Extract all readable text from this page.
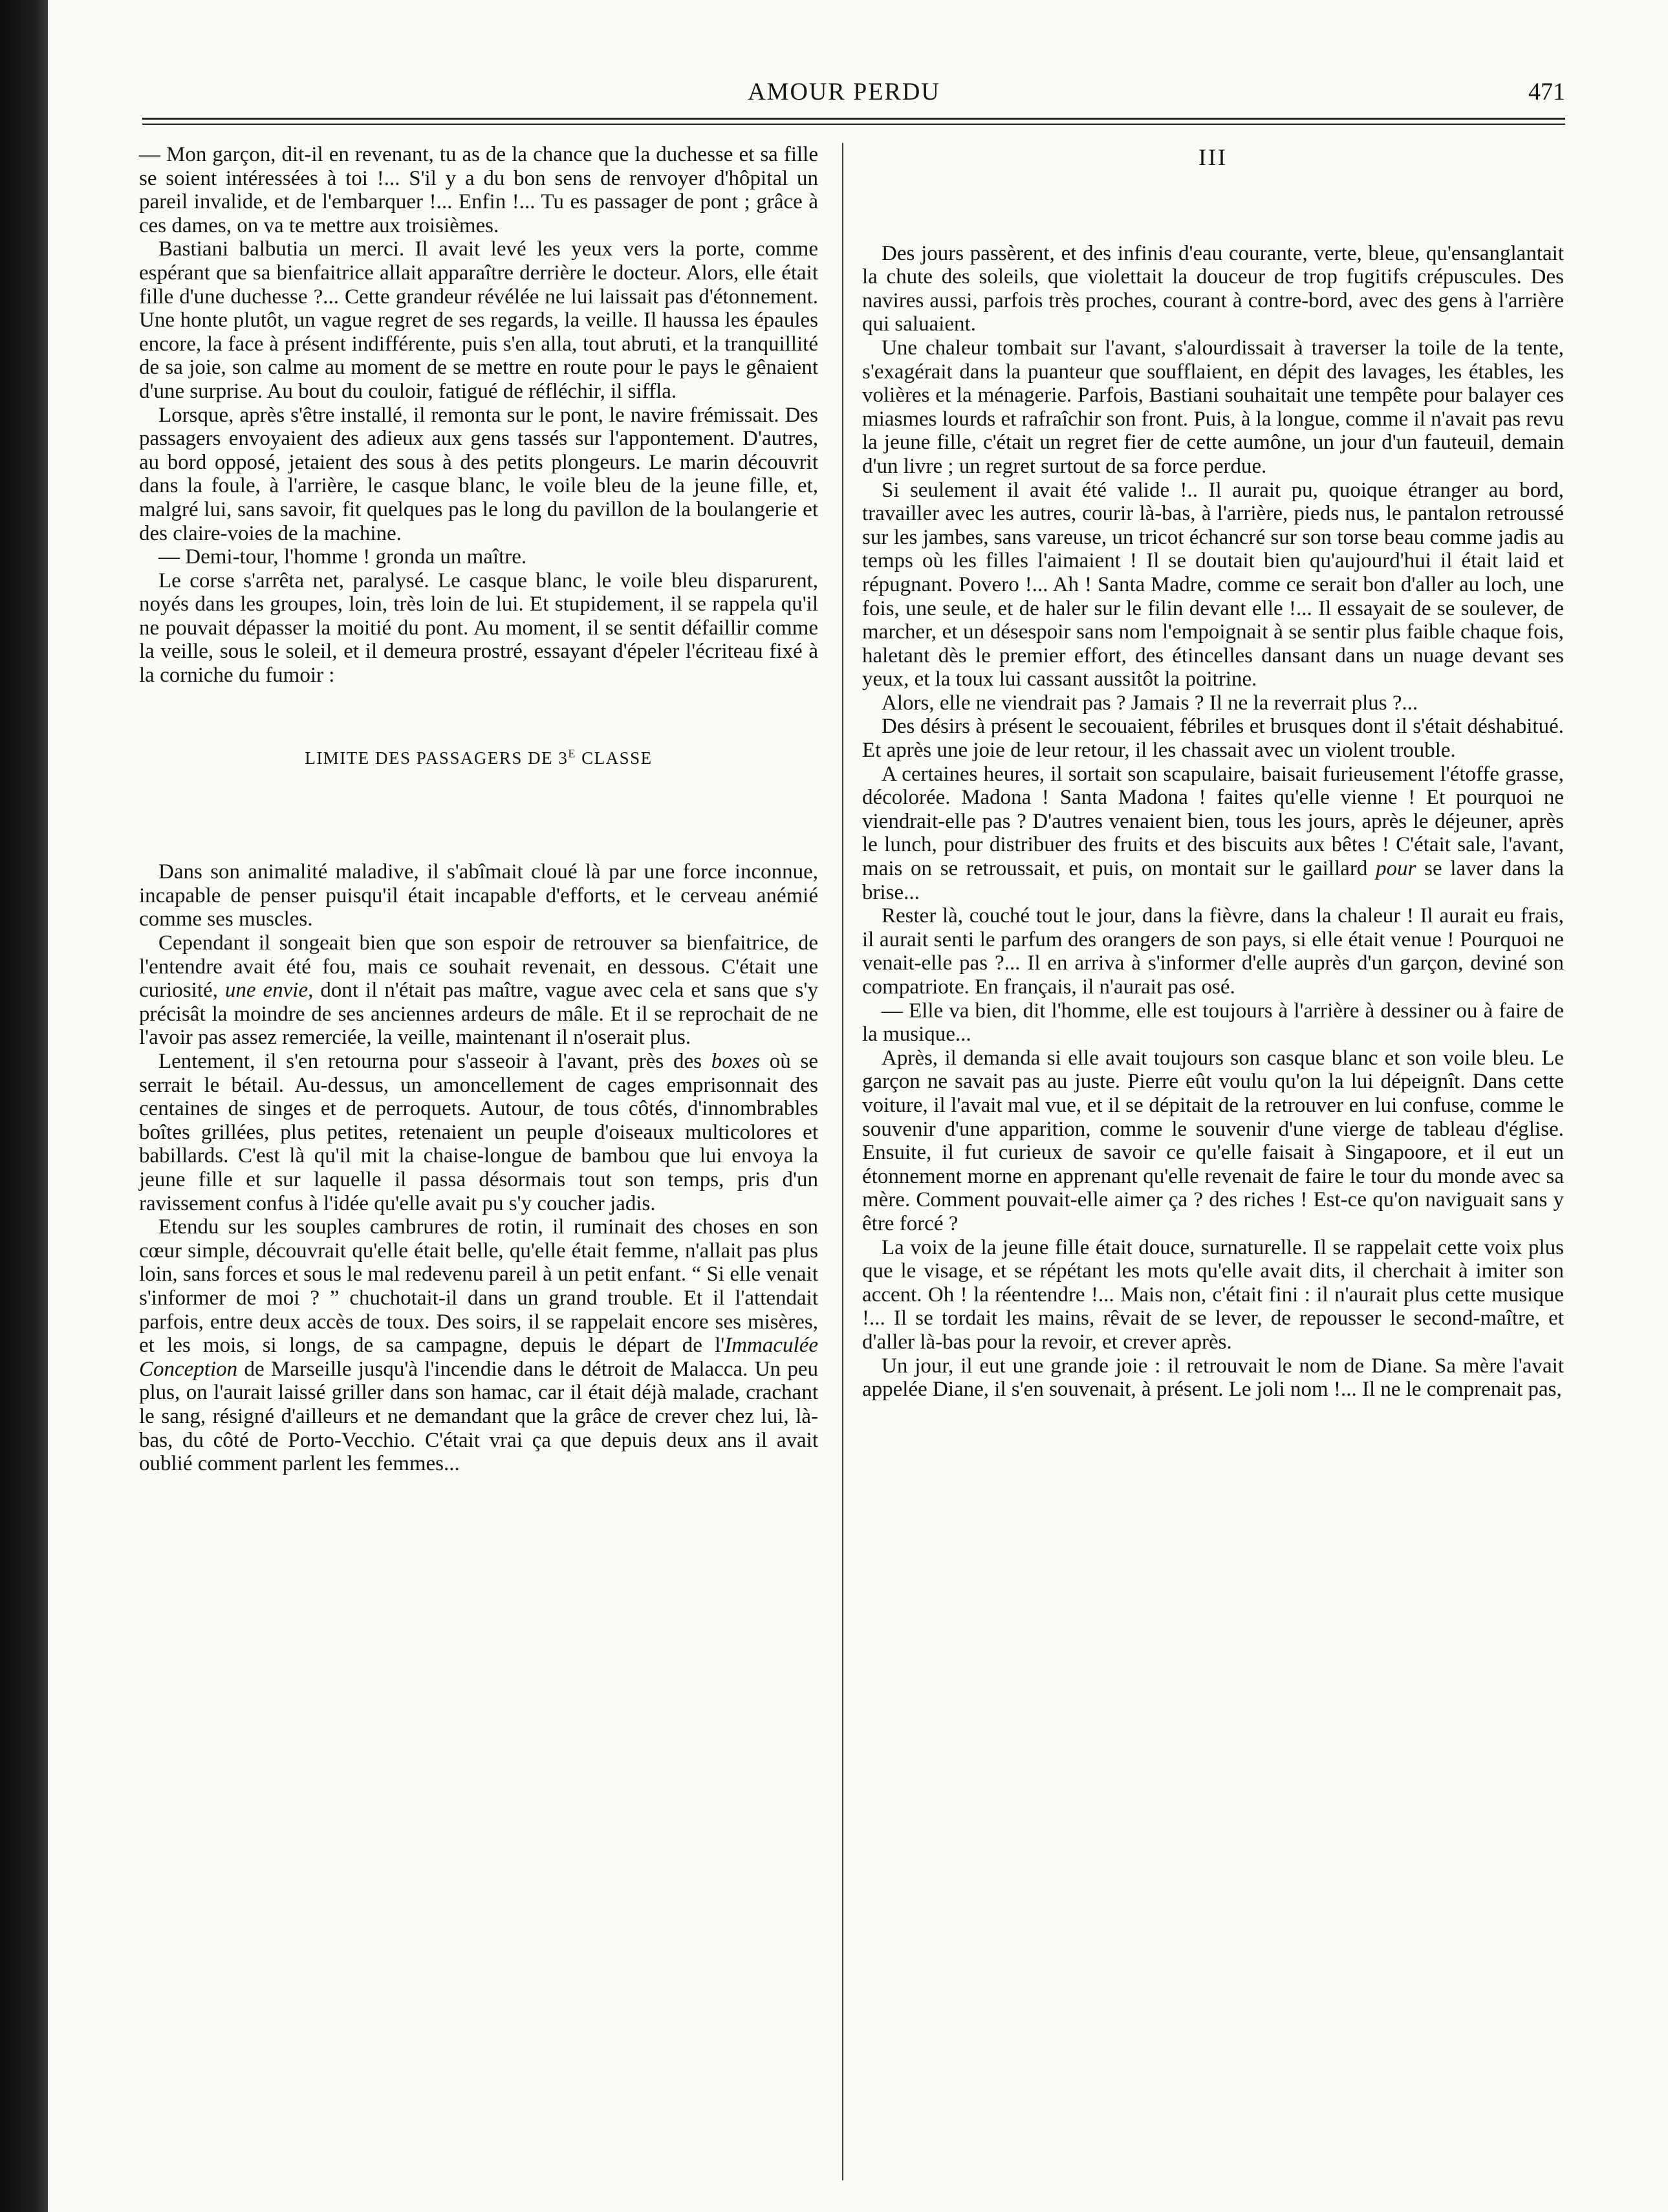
AMOUR PERDU	471

— Mon garçon, dit-il en revenant, tu as de la chance que la duchesse et sa fille se soient intéressées à toi !... S'il y a du bon sens de renvoyer d'hôpital un pareil invalide, et de l'embarquer !... Enfin !... Tu es passager de pont ; grâce à ces dames, on va te mettre aux troisièmes.

Bastiani balbutia un merci. Il avait levé les yeux vers la porte, comme espérant que sa bienfaitrice allait apparaître derrière le docteur. Alors, elle était fille d'une duchesse ?... Cette grandeur révélée ne lui laissait pas d'étonnement. Une honte plutôt, un vague regret de ses regards, la veille. Il haussa les épaules encore, la face à présent indifférente, puis s'en alla, tout abruti, et la tranquillité de sa joie, son calme au moment de se mettre en route pour le pays le gênaient d'une surprise. Au bout du couloir, fatigué de réfléchir, il siffla.

Lorsque, après s'être installé, il remonta sur le pont, le navire frémissait. Des passagers envoyaient des adieux aux gens tassés sur l'appontement. D'autres, au bord opposé, jetaient des sous à des petits plongeurs. Le marin découvrit dans la foule, à l'arrière, le casque blanc, le voile bleu de la jeune fille, et, malgré lui, sans savoir, fit quelques pas le long du pavillon de la boulangerie et des claire-voies de la machine.

— Demi-tour, l'homme ! gronda un maître.

Le corse s'arrêta net, paralysé. Le casque blanc, le voile bleu disparurent, noyés dans les groupes, loin, très loin de lui. Et stupidement, il se rappela qu'il ne pouvait dépasser la moitié du pont. Au moment, il se sentit défaillir comme la veille, sous le soleil, et il demeura prostré, essayant d'épeler l'écriteau fixé à la corniche du fumoir :

LIMITE DES PASSAGERS DE $3^E$ CLASSE

Dans son animalité maladive, il s'abîmait cloué là par une force inconnue, incapable de penser puisqu'il était incapable d'efforts, et le cerveau anémié comme ses muscles.

Cependant il songeait bien que son espoir de retrouver sa bienfaitrice, de l'entendre avait été fou, mais ce souhait revenait, en dessous. C'était une curiosité, une envie, dont il n'était pas maître, vague avec cela et sans que s'y précisât la moindre de ses anciennes ardeurs de mâle. Et il se reprochait de ne l'avoir pas assez remerciée, la veille, maintenant il n'oserait plus.

Lentement, il s'en retourna pour s'asseoir à l'avant, près des boxes où se serrait le bétail. Au-dessus, un amoncellement de cages emprisonnait des centaines de singes et de perroquets. Autour, de tous côtés, d'innombrables boîtes grillées, plus petites, retenaient un peuple d'oiseaux multicolores et babillards. C'est là qu'il mit la chaise-longue de bambou que lui envoya la jeune fille et sur laquelle il passa désormais tout son temps, pris d'un ravissement confus à l'idée qu'elle avait pu s'y coucher jadis.

Etendu sur les souples cambrures de rotin, il ruminait des choses en son cœur simple, découvrait qu'elle était belle, qu'elle était femme, n'allait pas plus loin, sans forces et sous le mal redevenu pareil à un petit enfant. “ Si elle venait s'informer de moi ? ” chuchotait-il dans un grand trouble. Et il l'attendait parfois, entre deux accès de toux. Des soirs, il se rappelait encore ses misères, et les mois, si longs, de sa campagne, depuis le départ de l'Immaculée Conception de Marseille jusqu'à l'incendie dans le détroit de Malacca. Un peu plus, on l'aurait laissé griller dans son hamac, car il était déjà malade, crachant le sang, résigné d'ailleurs et ne demandant que la grâce de crever chez lui, là-bas, du côté de Porto-Vecchio. C'était vrai ça que depuis deux ans il avait oublié comment parlent les femmes...

III

Des jours passèrent, et des infinis d'eau courante, verte, bleue, qu'ensanglantait la chute des soleils, que violettait la douceur de trop fugitifs crépuscules. Des navires aussi, parfois très proches, courant à contre-bord, avec des gens à l'arrière qui saluaient.

Une chaleur tombait sur l'avant, s'alourdissait à traverser la toile de la tente, s'exagérait dans la puanteur que soufflaient, en dépit des lavages, les étables, les volières et la ménagerie. Parfois, Bastiani souhaitait une tempête pour balayer ces miasmes lourds et rafraîchir son front. Puis, à la longue, comme il n'avait pas revu la jeune fille, c'était un regret fier de cette aumône, un jour d'un fauteuil, demain d'un livre ; un regret surtout de sa force perdue.

Si seulement il avait été valide !.. Il aurait pu, quoique étranger au bord, travailler avec les autres, courir là-bas, à l'arrière, pieds nus, le pantalon retroussé sur les jambes, sans vareuse, un tricot échancré sur son torse beau comme jadis au temps où les filles l'aimaient ! Il se doutait bien qu'aujourd'hui il était laid et répugnant. Povero !... Ah ! Santa Madre, comme ce serait bon d'aller au loch, une fois, une seule, et de haler sur le filin devant elle !... Il essayait de se soulever, de marcher, et un désespoir sans nom l'empoignait à se sentir plus faible chaque fois, haletant dès le premier effort, des étincelles dansant dans un nuage devant ses yeux, et la toux lui cassant aussitôt la poitrine.

Alors, elle ne viendrait pas ? Jamais ? Il ne la reverrait plus ?...

Des désirs à présent le secouaient, fébriles et brusques dont il s'était déshabitué. Et après une joie de leur retour, il les chassait avec un violent trouble.

A certaines heures, il sortait son scapulaire, baisait furieusement l'étoffe grasse, décolorée. Madona ! Santa Madona ! faites qu'elle vienne ! Et pourquoi ne viendrait-elle pas ? D'autres venaient bien, tous les jours, après le déjeuner, après le lunch, pour distribuer des fruits et des biscuits aux bêtes ! C'était sale, l'avant, mais on se retroussait, et puis, on montait sur le gaillard pour se laver dans la brise...

Rester là, couché tout le jour, dans la fièvre, dans la chaleur ! Il aurait eu frais, il aurait senti le parfum des orangers de son pays, si elle était venue ! Pourquoi ne venait-elle pas ?... Il en arriva à s'informer d'elle auprès d'un garçon, deviné son compatriote. En français, il n'aurait pas osé.

— Elle va bien, dit l'homme, elle est toujours à l'arrière à dessiner ou à faire de la musique...

Après, il demanda si elle avait toujours son casque blanc et son voile bleu. Le garçon ne savait pas au juste. Pierre eût voulu qu'on la lui dépeignît. Dans cette voiture, il l'avait mal vue, et il se dépitait de la retrouver en lui confuse, comme le souvenir d'une apparition, comme le souvenir d'une vierge de tableau d'église. Ensuite, il fut curieux de savoir ce qu'elle faisait à Singapoore, et il eut un étonnement morne en apprenant qu'elle revenait de faire le tour du monde avec sa mère. Comment pouvait-elle aimer ça ? des riches ! Est-ce qu'on naviguait sans y être forcé ?

La voix de la jeune fille était douce, surnaturelle. Il se rappelait cette voix plus que le visage, et se répétant les mots qu'elle avait dits, il cherchait à imiter son accent. Oh ! la réentendre !... Mais non, c'était fini : il n'aurait plus cette musique !... Il se tordait les mains, rêvait de se lever, de repousser le second-maître, et d'aller là-bas pour la revoir, et crever après.

Un jour, il eut une grande joie : il retrouvait le nom de Diane. Sa mère l'avait appelée Diane, il s'en souvenait, à présent. Le joli nom !... Il ne le comprenait pas,
